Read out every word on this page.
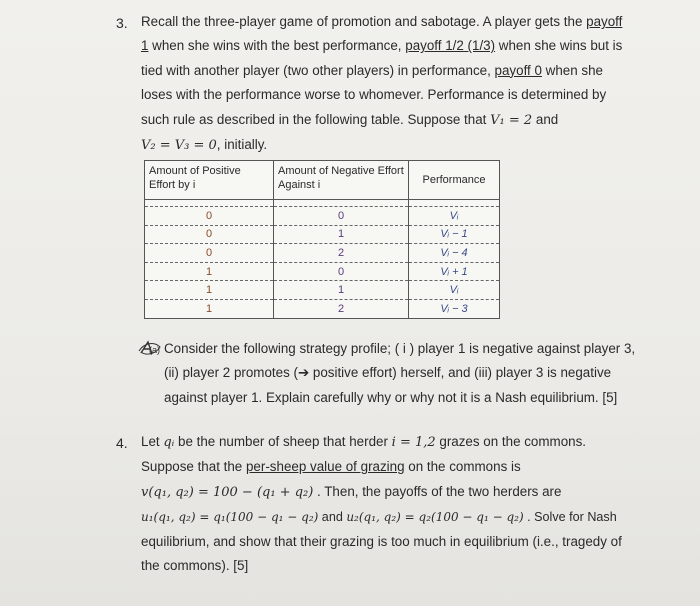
3. Recall the three-player game of promotion and sabotage. A player gets the payoff
1 when she wins with the best performance, payoff 1/2 (1/3) when she wins but is
tied with another player (two other players) in performance, payoff 0 when she
loses with the performance worse to whomever. Performance is determined by
such rule as described in the following table. Suppose that V₁ = 2 and
V₂ = V₃ = 0, initially.
Amount of Positive Effort by i	Amount of Negative Effort Against i	Performance

0	0	Vᵢ
0	1	Vᵢ − 1
0	2	Vᵢ − 4
1	0	Vᵢ + 1
1	1	Vᵢ
1	2	Vᵢ − 3
(a) Consider the following strategy profile; ( i ) player 1 is negative against player 3,
(ii) player 2 promotes (➔ positive effort) herself, and (iii) player 3 is negative
against player 1. Explain carefully why or why not it is a Nash equilibrium. [5]
4. Let qᵢ be the number of sheep that herder i = 1,2 grazes on the commons.
Suppose that the per-sheep value of grazing on the commons is
v(q₁, q₂) = 100 − (q₁ + q₂) . Then, the payoffs of the two herders are
u₁(q₁, q₂) = q₁(100 − q₁ − q₂) and u₂(q₁, q₂) = q₂(100 − q₁ − q₂) . Solve for Nash
equilibrium, and show that their grazing is too much in equilibrium (i.e., tragedy of
the commons). [5]
